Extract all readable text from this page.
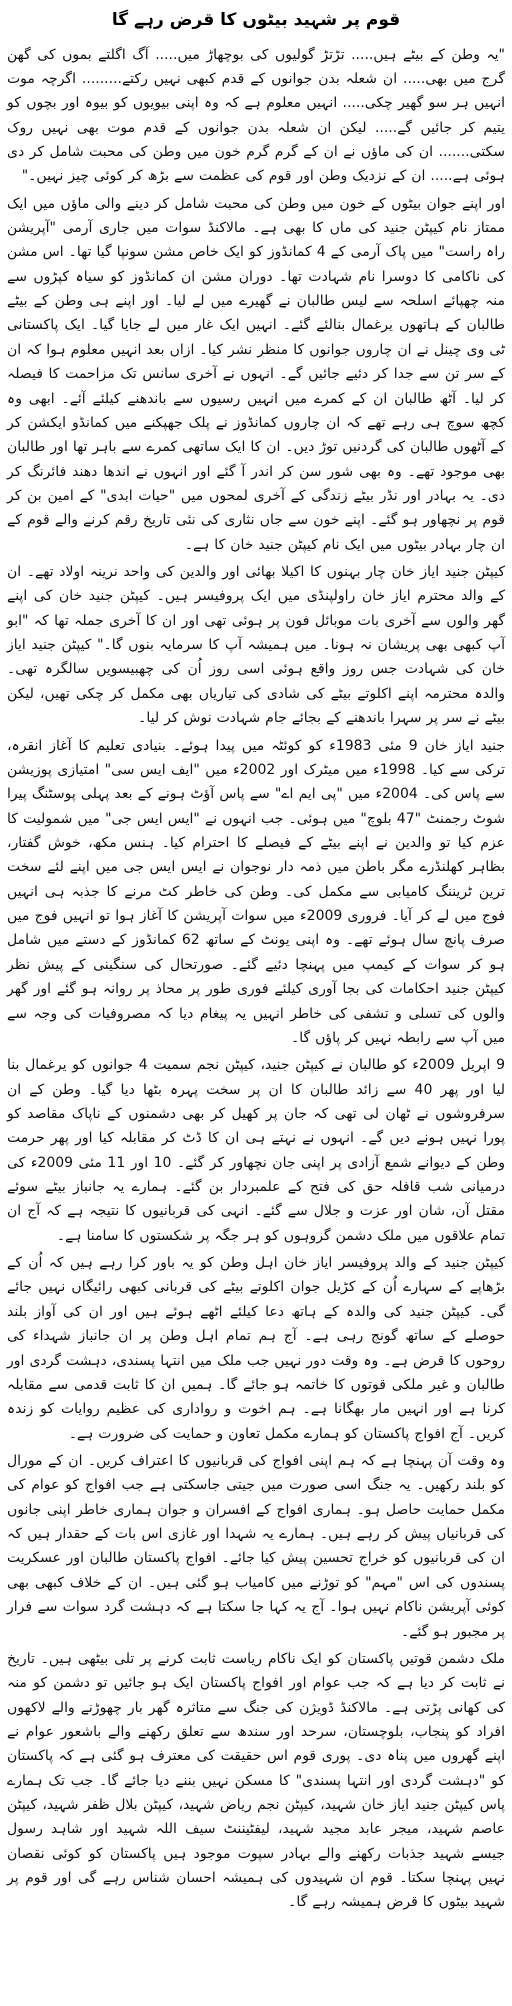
قوم پر شہید بیٹوں کا قرض رہے گا

"یہ وطن کے بیٹے ہیں..... تڑتڑ گولیوں کی بوچھاڑ میں..... آگ اگلتے بموں کی گھن گرج میں بھی..... ان شعلہ بدن جوانوں کے قدم کبھی نہیں رکتے......... اگرچہ موت انہیں ہر سو گھیر چکی..... انہیں معلوم ہے کہ وہ اپنی بیویوں کو بیوہ اور بچوں کو یتیم کر جائیں گے..... لیکن ان شعلہ بدن جوانوں کے قدم موت بھی نہیں روک سکتی....... ان کی ماؤں نے ان کے گرم گرم خون میں وطن کی محبت شامل کر دی ہوئی ہے..... ان کے نزدیک وطن اور قوم کی عظمت سے بڑھ کر کوئی چیز نہیں۔"

اور اپنے جوان بیٹوں کے خون میں وطن کی محبت شامل کر دینے والی ماؤں میں ایک ممتاز نام کیپٹن جنید کی ماں کا بھی ہے۔ مالاکنڈ سوات میں جاری آرمی "آپریشن راہ راست" میں پاک آرمی کے 4 کمانڈوز کو ایک خاص مشن سونپا گیا تھا۔ اس مشن کی ناکامی کا دوسرا نام شہادت تھا۔ دوران مشن ان کمانڈوز کو سیاہ کپڑوں سے منہ چھپائے اسلحہ سے لیس طالبان نے گھیرے میں لے لیا۔ اور اپنے ہی وطن کے بیٹے طالبان کے ہاتھوں یرغمال بنالئے گئے۔ انہیں ایک غار میں لے جایا گیا۔ ایک پاکستانی ٹی وی چینل نے ان چاروں جوانوں کا منظر نشر کیا۔ ازاں بعد انہیں معلوم ہوا کہ ان کے سر تن سے جدا کر دئیے جائیں گے۔ انہوں نے آخری سانس تک مزاحمت کا فیصلہ کر لیا۔ آٹھ طالبان ان کے کمرے میں انہیں رسیوں سے باندھنے کیلئے آئے۔ ابھی وہ کچھ سوچ ہی رہے تھے کہ ان چاروں کمانڈوز نے پلک جھپکنے میں کمانڈو ایکشن کر کے آٹھوں طالبان کی گردنیں توڑ دیں۔ ان کا ایک ساتھی کمرے سے باہر تھا اور طالبان بھی موجود تھے۔ وہ بھی شور سن کر اندر آ گئے اور انہوں نے اندھا دھند فائرنگ کر دی۔ یہ بہادر اور نڈر بیٹے زندگی کے آخری لمحوں میں "حیات ابدی" کے امین بن کر قوم پر نچھاور ہو گئے۔ اپنے خون سے جاں نثاری کی نئی تاریخ رقم کرنے والے قوم کے ان چار بہادر بیٹوں میں ایک نام کیپٹن جنید خان کا ہے۔

کیپٹن جنید ایاز خان چار بہنوں کا اکیلا بھائی اور والدین کی واحد نرینہ اولاد تھے۔ ان کے والد محترم ایاز خان راولپنڈی میں ایک پروفیسر ہیں۔ کیپٹن جنید خان کی اپنے گھر والوں سے آخری بات موبائل فون پر ہوئی تھی اور ان کا آخری جملہ تھا کہ "ابو آپ کبھی بھی پریشان نہ ہونا۔ میں ہمیشہ آپ کا سرمایہ بنوں گا۔" کیپٹن جنید ایاز خان کی شہادت جس روز واقع ہوئی اسی روز اُن کی چھبیسویں سالگرہ تھی۔ والدہ محترمہ اپنے اکلوتے بیٹے کی شادی کی تیاریاں بھی مکمل کر چکی تھیں، لیکن بیٹے نے سر پر سہرا باندھنے کے بجائے جام شہادت نوش کر لیا۔

جنید ایاز خان 9 مئی 1983ء کو کوئٹہ میں پیدا ہوئے۔ بنیادی تعلیم کا آغاز انقرہ، ترکی سے کیا۔ 1998ء میں میٹرک اور 2002ء میں "ایف ایس سی" امتیازی پوزیشن سے پاس کی۔ 2004ء میں "پی ایم اے" سے پاس آؤٹ ہونے کے بعد پہلی پوسٹنگ پیرا شوٹ رجمنٹ "47 بلوچ" میں ہوئی۔ جب انہوں نے "ایس ایس جی" میں شمولیت کا عزم کیا تو والدین نے اپنے بیٹے کے فیصلے کا احترام کیا۔ ہنس مکھ، خوش گفتار، بظاہر کھلنڈرے مگر باطن میں ذمہ دار نوجوان نے ایس ایس جی میں اپنے لئے سخت ترین ٹریننگ کامیابی سے مکمل کی۔ وطن کی خاطر کٹ مرنے کا جذبہ ہی انہیں فوج میں لے کر آیا۔ فروری 2009ء میں سوات آپریشن کا آغاز ہوا تو انہیں فوج میں صرف پانچ سال ہوئے تھے۔ وہ اپنی یونٹ کے ساتھ 62 کمانڈوز کے دستے میں شامل ہو کر سوات کے کیمپ میں پہنچا دئیے گئے۔ صورتحال کی سنگینی کے پیش نظر کیپٹن جنید احکامات کی بجا آوری کیلئے فوری طور پر محاذ پر روانہ ہو گئے اور گھر والوں کی تسلی و تشفی کی خاطر انہیں یہ پیغام دیا کہ مصروفیات کی وجہ سے میں آپ سے رابطہ نہیں کر پاؤں گا۔

9 اپریل 2009ء کو طالبان نے کیپٹن جنید، کیپٹن نجم سمیت 4 جوانوں کو یرغمال بنا لیا اور پھر 40 سے زائد طالبان کا ان پر سخت پہرہ بٹھا دیا گیا۔ وطن کے ان سرفروشوں نے ٹھان لی تھی کہ جان پر کھیل کر بھی دشمنوں کے ناپاک مقاصد کو پورا نہیں ہونے دیں گے۔ انہوں نے نہتے ہی ان کا ڈٹ کر مقابلہ کیا اور پھر حرمت وطن کے دیوانے شمع آزادی پر اپنی جان نچھاور کر گئے۔ 10 اور 11 مئی 2009ء کی درمیانی شب قافلہ حق کی فتح کے علمبردار بن گئے۔ ہمارے یہ جانباز بیٹے سوئے مقتل آن، شان اور عزت و جلال سے گئے۔ انہی کی قربانیوں کا نتیجہ ہے کہ آج ان تمام علاقوں میں ملک دشمن گروہوں کو ہر جگہ پر شکستوں کا سامنا ہے۔

کیپٹن جنید کے والد پروفیسر ایاز خان اہل وطن کو یہ باور کرا رہے ہیں کہ اُن کے بڑھاپے کے سہارے اُن کے کڑیل جوان اکلوتے بیٹے کی قربانی کبھی رائیگاں نہیں جائے گی۔ کیپٹن جنید کی والدہ کے ہاتھ دعا کیلئے اٹھے ہوئے ہیں اور ان کی آواز بلند حوصلے کے ساتھ گونج رہی ہے۔ آج ہم تمام اہل وطن پر ان جانباز شہداء کی روحوں کا قرض ہے۔ وہ وقت دور نہیں جب ملک میں انتہا پسندی، دہشت گردی اور طالبان و غیر ملکی قوتوں کا خاتمہ ہو جائے گا۔ ہمیں ان کا ثابت قدمی سے مقابلہ کرنا ہے اور انہیں مار بھگانا ہے۔ ہم اخوت و رواداری کی عظیم روایات کو زندہ کریں۔ آج افواج پاکستان کو ہمارے مکمل تعاون و حمایت کی ضرورت ہے۔

وہ وقت آن پہنچا ہے کہ ہم اپنی افواج کی قربانیوں کا اعتراف کریں۔ ان کے مورال کو بلند رکھیں۔ یہ جنگ اسی صورت میں جیتی جاسکتی ہے جب افواج کو عوام کی مکمل حمایت حاصل ہو۔ ہماری افواج کے افسران و جوان ہماری خاطر اپنی جانوں کی قربانیاں پیش کر رہے ہیں۔ ہمارے یہ شہدا اور غازی اس بات کے حقدار ہیں کہ ان کی قربانیوں کو خراج تحسین پیش کیا جائے۔ افواج پاکستان طالبان اور عسکریت پسندوں کی اس "مہم" کو توڑنے میں کامیاب ہو گئی ہیں۔ ان کے خلاف کبھی بھی کوئی آپریشن ناکام نہیں ہوا۔ آج یہ کہا جا سکتا ہے کہ دہشت گرد سوات سے فرار پر مجبور ہو گئے۔

ملک دشمن قوتیں پاکستان کو ایک ناکام ریاست ثابت کرنے پر تلی بیٹھی ہیں۔ تاریخ نے ثابت کر دیا ہے کہ جب عوام اور افواج پاکستان ایک ہو جائیں تو دشمن کو منہ کی کھانی پڑتی ہے۔ مالاکنڈ ڈویژن کی جنگ سے متاثرہ گھر بار چھوڑنے والے لاکھوں افراد کو پنجاب، بلوچستان، سرحد اور سندھ سے تعلق رکھنے والے باشعور عوام نے اپنے گھروں میں پناہ دی۔ پوری قوم اس حقیقت کی معترف ہو گئی ہے کہ پاکستان کو "دہشت گردی اور انتہا پسندی" کا مسکن نہیں بننے دیا جائے گا۔ جب تک ہمارے پاس کیپٹن جنید ایاز خان شہید، کیپٹن نجم ریاض شہید، کیپٹن بلال ظفر شہید، کیپٹن عاصم شہید، میجر عابد مجید شہید، لیفٹیننٹ سیف اللہ شہید اور شاہد رسول جیسے شہید جذبات رکھنے والے بہادر سپوت موجود ہیں پاکستان کو کوئی نقصان نہیں پہنچا سکتا۔ قوم ان شہیدوں کی ہمیشہ احسان شناس رہے گی اور قوم پر شہید بیٹوں کا قرض ہمیشہ رہے گا۔
